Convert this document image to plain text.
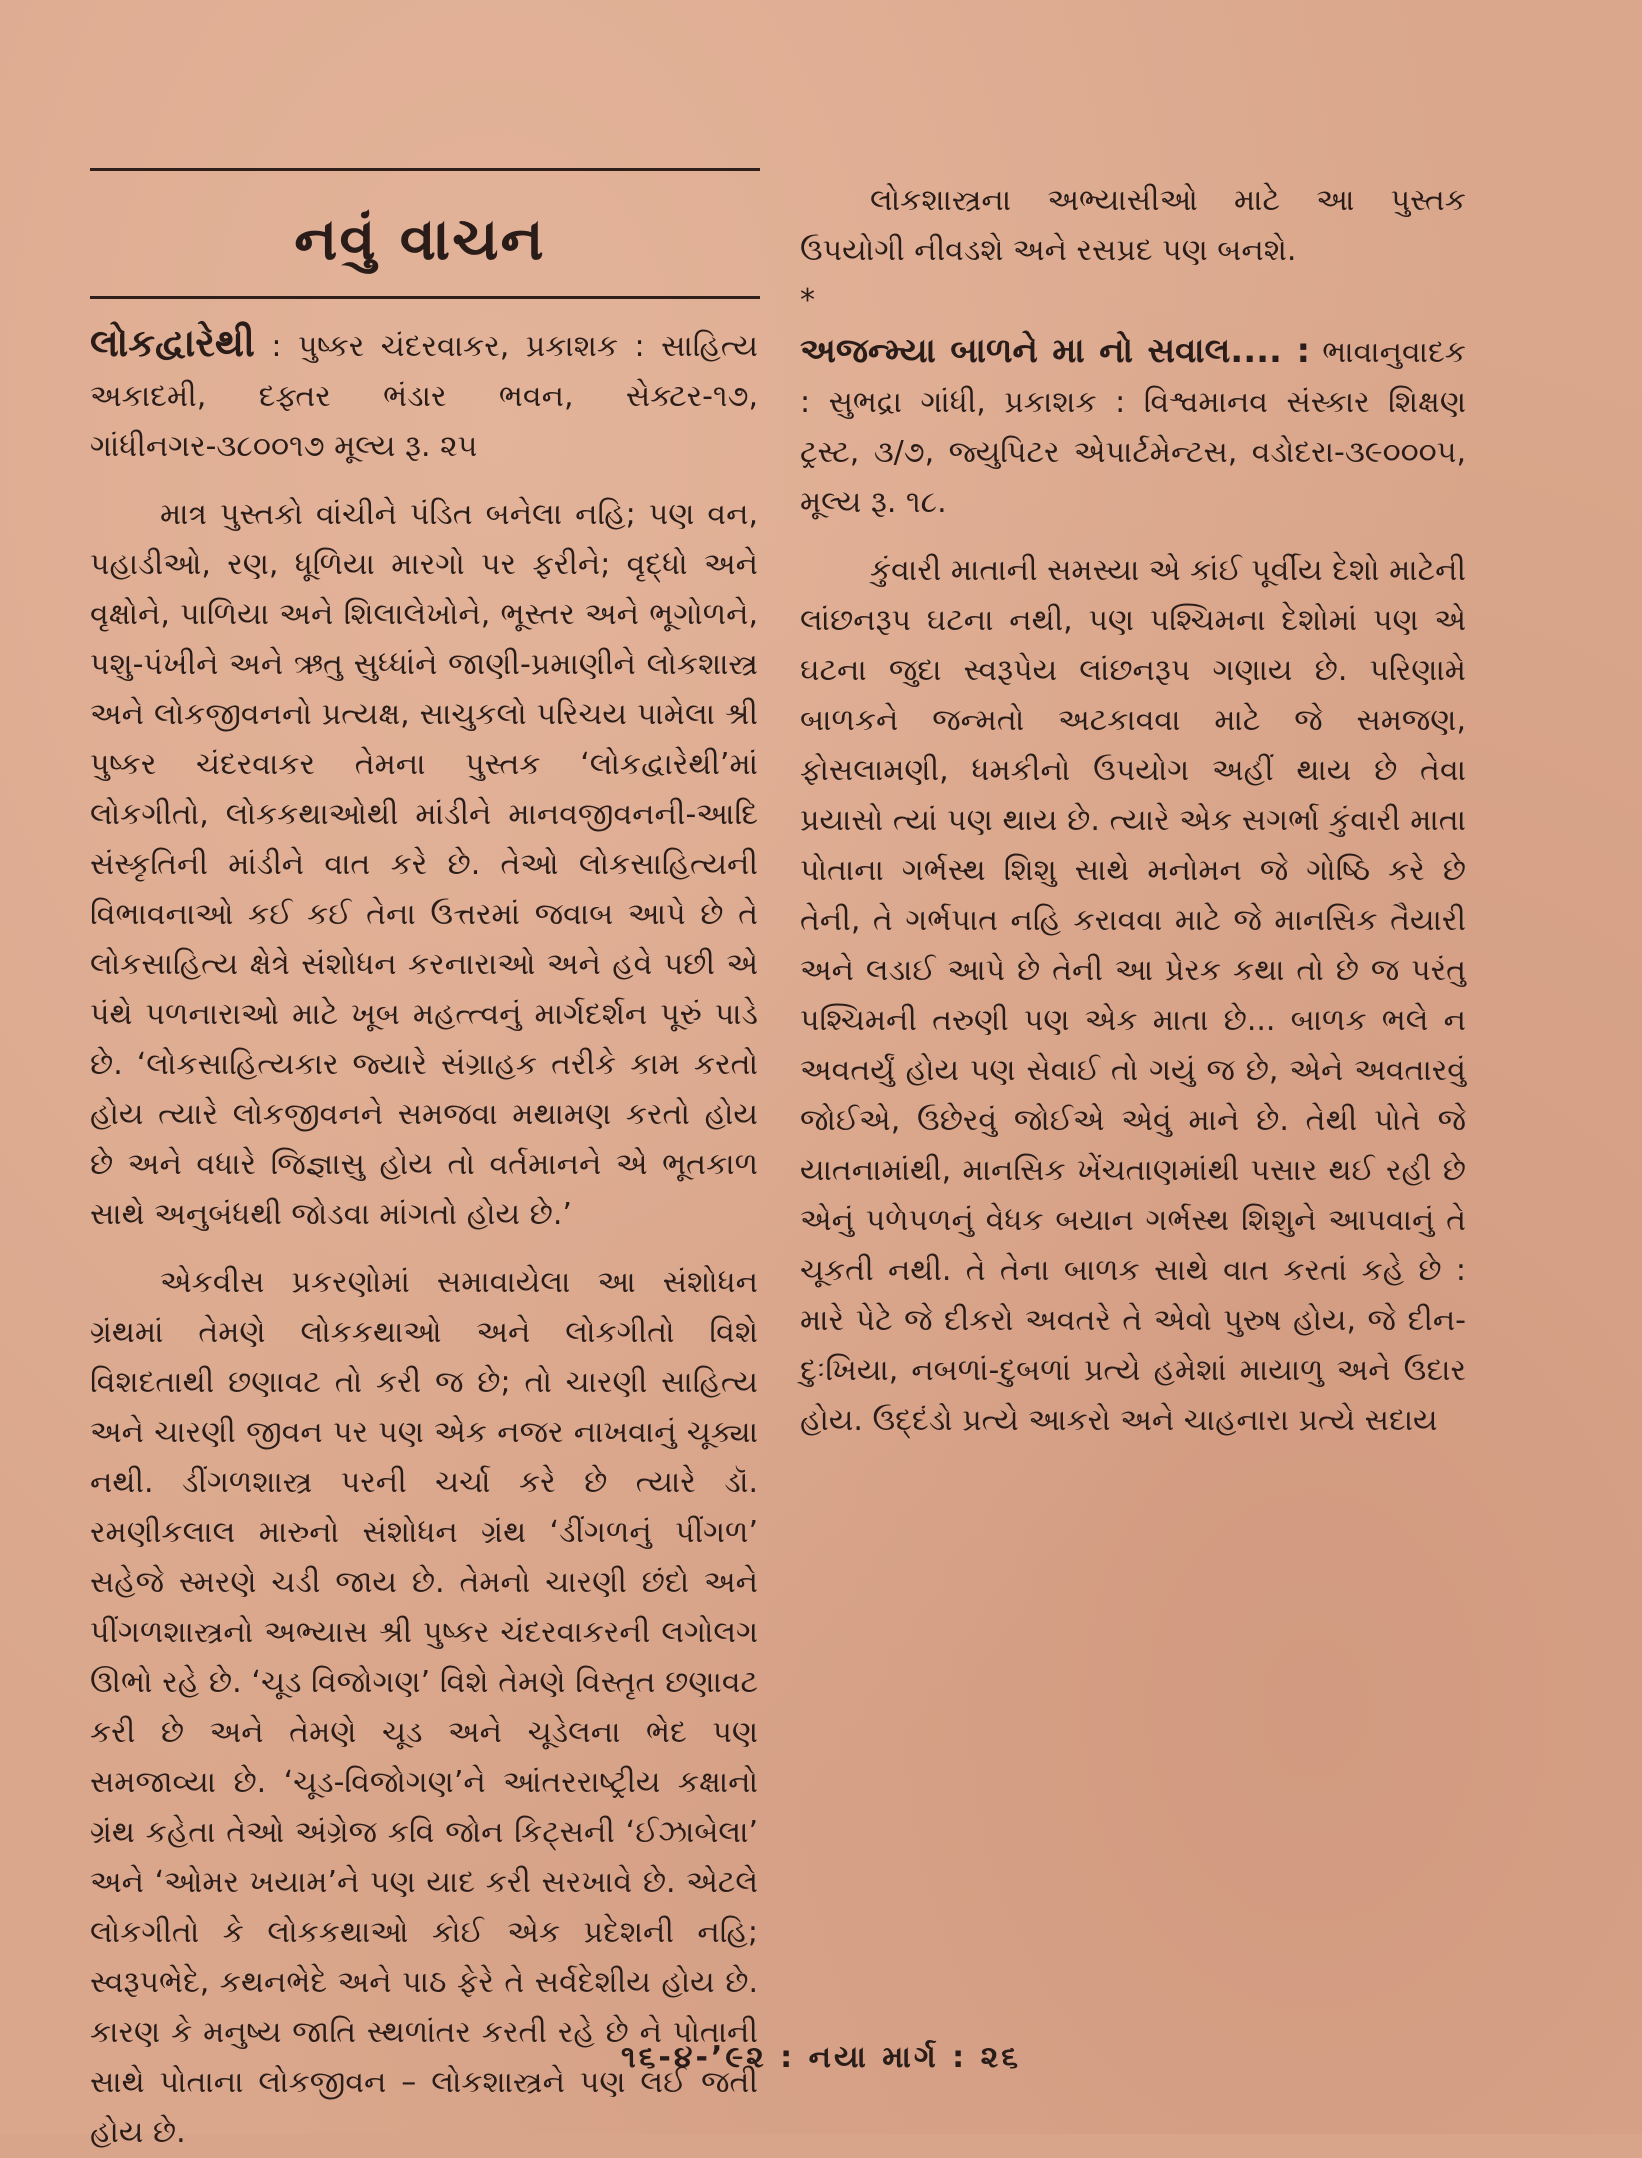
નવું વાચન

લોકદ્વારેથી : પુષ્કર ચંદરવાકર, પ્રકાશક : સાહિત્ય અકાદમી, દફ્તર ભંડાર ભવન, સેક્ટર-૧૭, ગાંધીનગર-૩૮૦૦૧૭ મૂલ્ય રૂ. ૨૫

માત્ર પુસ્તકો વાંચીને પંડિત બનેલા નહિ; પણ વન, પહાડીઓ, રણ, ધૂળિયા મારગો પર ફરીને; વૃદ્ધો અને વૃક્ષોને, પાળિયા અને શિલાલેખોને, ભૂસ્તર અને ભૂગોળને, પશુ-પંખીને અને ઋતુ સુધ્ધાંને જાણી-પ્રમાણીને લોકશાસ્ત્ર અને લોકજીવનનો પ્રત્યક્ષ, સાચુકલો પરિચય પામેલા શ્રી પુષ્કર ચંદરવાકર તેમના પુસ્તક ‘લોકદ્વારેથી’માં લોકગીતો, લોકકથાઓથી માંડીને માનવજીવનની-આદિ સંસ્કૃતિની માંડીને વાત કરે છે. તેઓ લોકસાહિત્યની વિભાવનાઓ કઈ કઈ તેના ઉત્તરમાં જવાબ આપે છે તે લોકસાહિત્ય ક્ષેત્રે સંશોધન કરનારાઓ અને હવે પછી એ પંથે પળનારાઓ માટે ખૂબ મહત્ત્વનું માર્ગદર્શન પૂરું પાડે છે. ‘લોકસાહિત્યકાર જ્યારે સંગ્રાહક તરીકે કામ કરતો હોય ત્યારે લોકજીવનને સમજવા મથામણ કરતો હોય છે અને વધારે જિજ્ઞાસુ હોય તો વર્તમાનને એ ભૂતકાળ સાથે અનુબંધથી જોડવા માંગતો હોય છે.’

એકવીસ પ્રકરણોમાં સમાવાયેલા આ સંશોધન ગ્રંથમાં તેમણે લોકકથાઓ અને લોકગીતો વિશે વિશદતાથી છણાવટ તો કરી જ છે; તો ચારણી સાહિત્ય અને ચારણી જીવન પર પણ એક નજર નાખવાનું ચૂક્યા નથી. ડીંગળશાસ્ત્ર પરની ચર્ચા કરે છે ત્યારે ડૉ. રમણીકલાલ મારુનો સંશોધન ગ્રંથ ‘ડીંગળનું પીંગળ’ સહેજે સ્મરણે ચડી જાય છે. તેમનો ચારણી છંદો અને પીંગળશાસ્ત્રનો અભ્યાસ શ્રી પુષ્કર ચંદરવાકરની લગોલગ ઊભો રહે છે. ‘ચૂડ વિજોગણ’ વિશે તેમણે વિસ્તૃત છણાવટ કરી છે અને તેમણે ચૂડ અને ચૂડેલના ભેદ પણ સમજાવ્યા છે. ‘ચૂડ-વિજોગણ’ને આંતરરાષ્ટ્રીય કક્ષાનો ગ્રંથ કહેતા તેઓ અંગ્રેજ કવિ જોન કિટ્સની ‘ઈઝાબેલા’ અને ‘ઓમર ખયામ’ને પણ યાદ કરી સરખાવે છે. એટલે લોકગીતો કે લોકકથાઓ કોઈ એક પ્રદેશની નહિ; સ્વરૂપભેદે, કથનભેદે અને પાઠ ફેરે તે સર્વદેશીય હોય છે. કારણ કે મનુષ્ય જાતિ સ્થળાંતર કરતી રહે છે ને પોતાની સાથે પોતાના લોકજીવન – લોકશાસ્ત્રને પણ લઈ જતી હોય છે.

લોકશાસ્ત્રના અભ્યાસીઓ માટે આ પુસ્તક ઉપયોગી નીવડશે અને રસપ્રદ પણ બનશે.

*

અજન્મ્યા બાળને મા નો સવાલ.... : ભાવાનુવાદક : સુભદ્રા ગાંધી, પ્રકાશક : વિશ્વમાનવ સંસ્કાર શિક્ષણ ટ્રસ્ટ, ૩/૭, જ્યુપિટર એપાર્ટમેન્ટસ, વડોદરા-૩૯૦૦૦૫, મૂલ્ય રૂ. ૧૮.

કુંવારી માતાની સમસ્યા એ કાંઈ પૂર્વીય દેશો માટેની લાંછનરૂપ ઘટના નથી, પણ પશ્ચિમના દેશોમાં પણ એ ઘટના જુદા સ્વરૂપેય લાંછનરૂપ ગણાય છે. પરિણામે બાળકને જન્મતો અટકાવવા માટે જે સમજણ, ફોસલામણી, ધમકીનો ઉપયોગ અહીં થાય છે તેવા પ્રયાસો ત્યાં પણ થાય છે. ત્યારે એક સગર્ભા કુંવારી માતા પોતાના ગર્ભસ્થ શિશુ સાથે મનોમન જે ગોષ્ઠિ કરે છે તેની, તે ગર્ભપાત નહિ કરાવવા માટે જે માનસિક તૈયારી અને લડાઈ આપે છે તેની આ પ્રેરક કથા તો છે જ પરંતુ પશ્ચિમની તરુણી પણ એક માતા છે... બાળક ભલે ન અવતર્યું હોય પણ સેવાઈ તો ગયું જ છે, એને અવતારવું જોઈએ, ઉછેરવું જોઈએ એવું માને છે. તેથી પોતે જે યાતનામાંથી, માનસિક ખેંચતાણમાંથી પસાર થઈ રહી છે એનું પળેપળનું વેધક બયાન ગર્ભસ્થ શિશુને આપવાનું તે ચૂકતી નથી. તે તેના બાળક સાથે વાત કરતાં કહે છે : મારે પેટે જે દીકરો અવતરે તે એવો પુરુષ હોય, જે દીન-દુઃખિયા, નબળાં-દુબળાં પ્રત્યે હમેશાં માયાળુ અને ઉદાર હોય. ઉદ્દંડો પ્રત્યે આકરો અને ચાહનારા પ્રત્યે સદાય

૧૬-૪-’૯૨ : નયા માર્ગ : ૨૬
